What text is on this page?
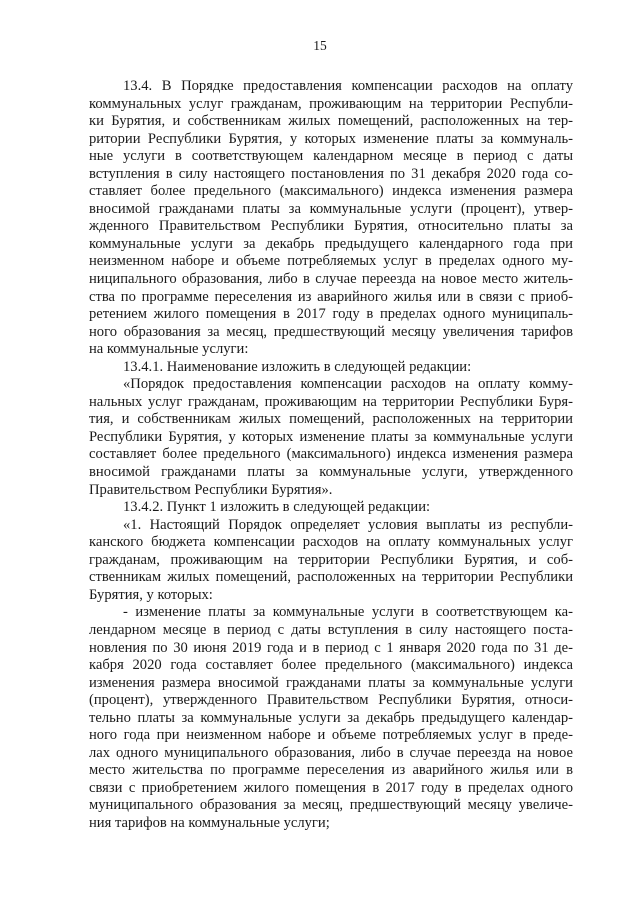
15
13.4. В Порядке предоставления компенсации расходов на оплату
коммунальных услуг гражданам, проживающим на территории Республи-
ки Бурятия, и собственникам жилых помещений, расположенных на тер-
ритории Республики Бурятия, у которых изменение платы за коммуналь-
ные услуги в соответствующем календарном месяце в период с даты
вступления в силу настоящего постановления по 31 декабря 2020 года со-
ставляет более предельного (максимального) индекса изменения размера
вносимой гражданами платы за коммунальные услуги (процент), утвер-
жденного Правительством Республики Бурятия, относительно платы за
коммунальные услуги за декабрь предыдущего календарного года при
неизменном наборе и объеме потребляемых услуг в пределах одного му-
ниципального образования, либо в случае переезда на новое место житель-
ства по программе переселения из аварийного жилья или в связи с приоб-
ретением жилого помещения в 2017 году в пределах одного муниципаль-
ного образования за месяц, предшествующий месяцу увеличения тарифов
на коммунальные услуги:
13.4.1. Наименование изложить в следующей редакции:
«Порядок предоставления компенсации расходов на оплату комму-
нальных услуг гражданам, проживающим на территории Республики Буря-
тия, и собственникам жилых помещений, расположенных на территории
Республики Бурятия, у которых изменение платы за коммунальные услуги
составляет более предельного (максимального) индекса изменения размера
вносимой гражданами платы за коммунальные услуги, утвержденного
Правительством Республики Бурятия».
13.4.2. Пункт 1 изложить в следующей редакции:
«1. Настоящий Порядок определяет условия выплаты из республи-
канского бюджета компенсации расходов на оплату коммунальных услуг
гражданам, проживающим на территории Республики Бурятия, и соб-
ственникам жилых помещений, расположенных на территории Республики
Бурятия, у которых:
- изменение платы за коммунальные услуги в соответствующем ка-
лендарном месяце в период с даты вступления в силу настоящего поста-
новления по 30 июня 2019 года и в период с 1 января 2020 года по 31 де-
кабря 2020 года составляет более предельного (максимального) индекса
изменения размера вносимой гражданами платы за коммунальные услуги
(процент), утвержденного Правительством Республики Бурятия, относи-
тельно платы за коммунальные услуги за декабрь предыдущего календар-
ного года при неизменном наборе и объеме потребляемых услуг в преде-
лах одного муниципального образования, либо в случае переезда на новое
место жительства по программе переселения из аварийного жилья или в
связи с приобретением жилого помещения в 2017 году в пределах одного
муниципального образования за месяц, предшествующий месяцу увеличе-
ния тарифов на коммунальные услуги;
